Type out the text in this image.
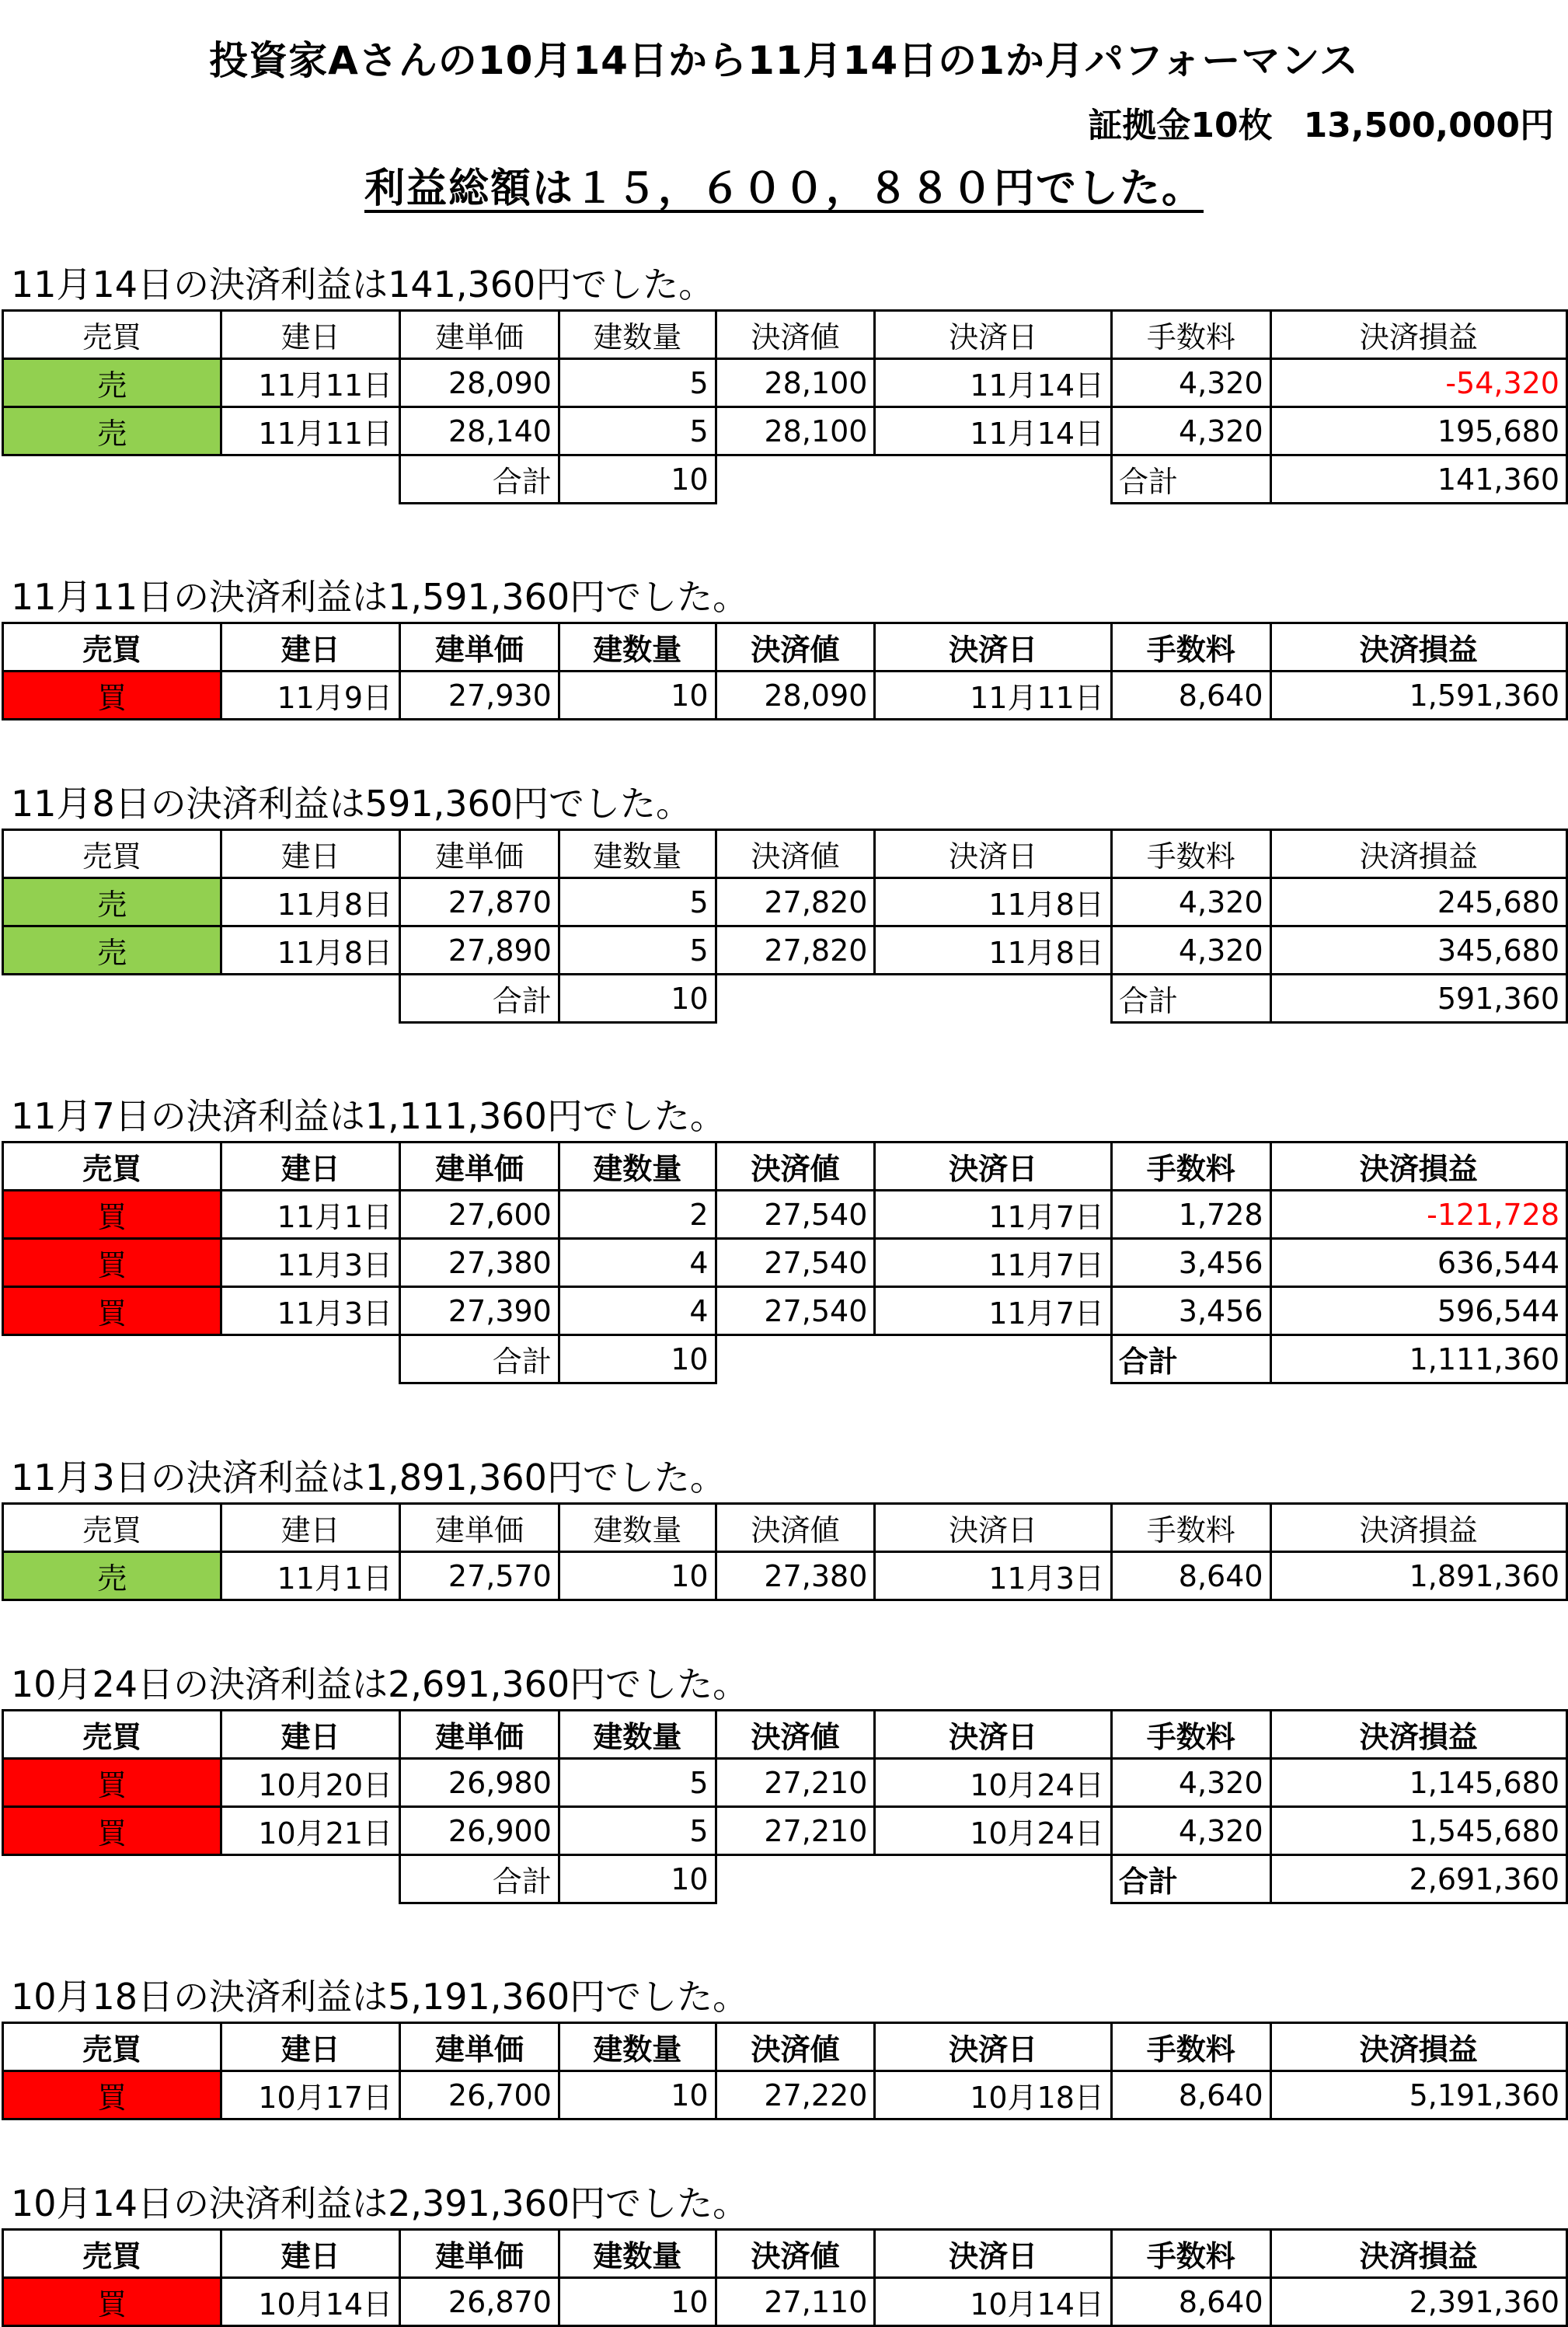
投資家Aさんの10月14日から11月14日の1か月パフォーマンス
証拠金10枚 13,500,000円
利益総額は１５，６００，８８０円でした。
11月14日の決済利益は141,360円でした。
売買	建日	建単価	建数量	決済値	決済日	手数料	決済損益
売	11月11日	28,090	5	28,100	11月14日	4,320	-54,320
売	11月11日	28,140	5	28,100	11月14日	4,320	195,680
		合計	10			合計	141,360
11月11日の決済利益は1,591,360円でした。
売買	建日	建単価	建数量	決済値	決済日	手数料	決済損益
買	11月9日	27,930	10	28,090	11月11日	8,640	1,591,360
11月8日の決済利益は591,360円でした。
売買	建日	建単価	建数量	決済値	決済日	手数料	決済損益
売	11月8日	27,870	5	27,820	11月8日	4,320	245,680
売	11月8日	27,890	5	27,820	11月8日	4,320	345,680
		合計	10			合計	591,360
11月7日の決済利益は1,111,360円でした。
売買	建日	建単価	建数量	決済値	決済日	手数料	決済損益
買	11月1日	27,600	2	27,540	11月7日	1,728	-121,728
買	11月3日	27,380	4	27,540	11月7日	3,456	636,544
買	11月3日	27,390	4	27,540	11月7日	3,456	596,544
		合計	10			合計	1,111,360
11月3日の決済利益は1,891,360円でした。
売買	建日	建単価	建数量	決済値	決済日	手数料	決済損益
売	11月1日	27,570	10	27,380	11月3日	8,640	1,891,360
10月24日の決済利益は2,691,360円でした。
売買	建日	建単価	建数量	決済値	決済日	手数料	決済損益
買	10月20日	26,980	5	27,210	10月24日	4,320	1,145,680
買	10月21日	26,900	5	27,210	10月24日	4,320	1,545,680
		合計	10			合計	2,691,360
10月18日の決済利益は5,191,360円でした。
売買	建日	建単価	建数量	決済値	決済日	手数料	決済損益
買	10月17日	26,700	10	27,220	10月18日	8,640	5,191,360
10月14日の決済利益は2,391,360円でした。
売買	建日	建単価	建数量	決済値	決済日	手数料	決済損益
買	10月14日	26,870	10	27,110	10月14日	8,640	2,391,360
